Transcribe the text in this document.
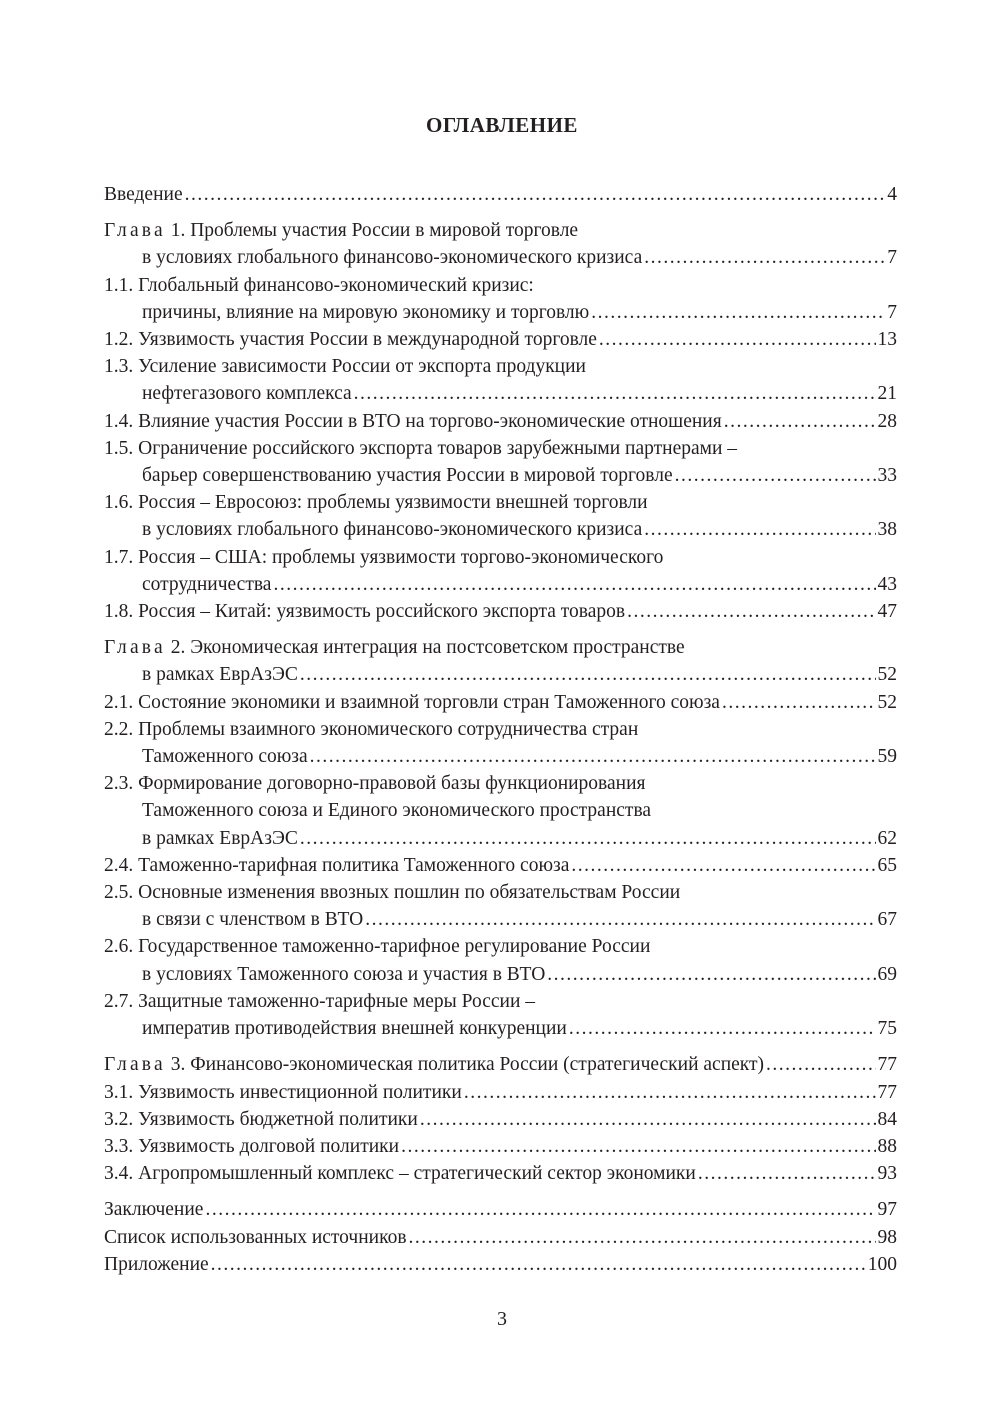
ОГЛАВЛЕНИЕ
Введение .....	4
Глава
1. Проблемы участия России в мировой торговле
в условиях глобального финансово-экономического кризиса .....	7
1.1. Глобальный финансово-экономический кризис:
причины, влияние на мировую экономику и торговлю .....	7
1.2. Уязвимость участия России в международной торговле .....	13
1.3. Усиление зависимости России от экспорта продукции
нефтегазового комплекса .....	21
1.4. Влияние участия России в ВТО на торгово-экономические отношения .....	28
1.5. Ограничение российского экспорта товаров зарубежными партнерами –
барьер совершенствованию участия России в мировой торговле .....	33
1.6. Россия – Евросоюз: проблемы уязвимости внешней торговли
в условиях глобального финансово-экономического кризиса .....	38
1.7. Россия – США: проблемы уязвимости торгово-экономического
сотрудничества .....	43
1.8. Россия – Китай: уязвимость российского экспорта товаров .....	47
Глава
2. Экономическая интеграция на постсоветском пространстве
в рамках ЕврАзЭС .....	52
2.1. Состояние экономики и взаимной торговли стран Таможенного союза .....	52
2.2. Проблемы взаимного экономического сотрудничества стран
Таможенного союза .....	59
2.3. Формирование договорно-правовой базы функционирования
Таможенного союза и Единого экономического пространства
в рамках ЕврАзЭС .....	62
2.4. Таможенно-тарифная политика Таможенного союза .....	65
2.5. Основные изменения ввозных пошлин по обязательствам России
в связи с членством в ВТО .....	67
2.6. Государственное таможенно-тарифное регулирование России
в условиях Таможенного союза и участия в ВТО .....	69
2.7. Защитные таможенно-тарифные меры России –
императив противодействия внешней конкуренции .....	75
Глава
3. Финансово-экономическая политика России (стратегический аспект) .....	77
3.1. Уязвимость инвестиционной политики .....	77
3.2. Уязвимость бюджетной политики .....	84
3.3. Уязвимость долговой политики .....	88
3.4. Агропромышленный комплекс – стратегический сектор экономики .....	93
Заключение .....	97
Список использованных источников .....	98
Приложение .....	100
3
